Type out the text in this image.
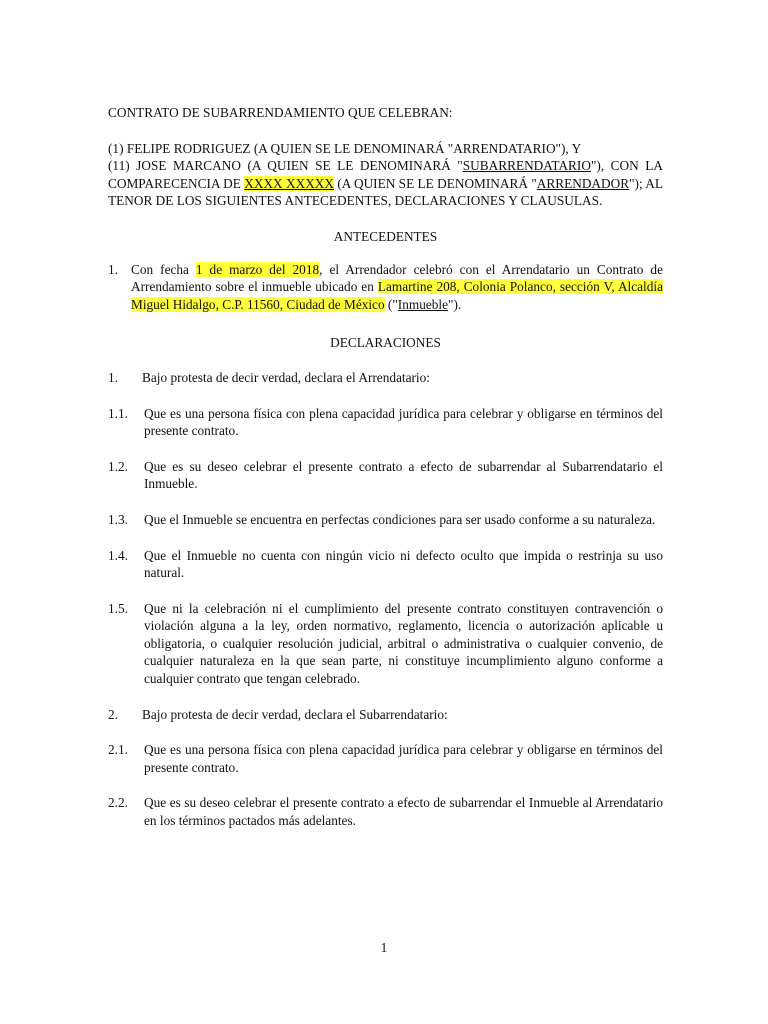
CONTRATO DE SUBARRENDAMIENTO QUE CELEBRAN:

(1) FELIPE RODRIGUEZ (A QUIEN SE LE DENOMINARÁ "ARRENDATARIO"), Y

(11) JOSE MARCANO (A QUIEN SE LE DENOMINARÁ "SUBARRENDATARIO"), CON LA COMPARECENCIA DE XXXX XXXXX (A QUIEN SE LE DENOMINARÁ "ARRENDADOR"); AL TENOR DE LOS SIGUIENTES ANTECEDENTES, DECLARACIONES Y CLAUSULAS.

ANTECEDENTES

1. Con fecha 1 de marzo del 2018, el Arrendador celebró con el Arrendatario un Contrato de Arrendamiento sobre el inmueble ubicado en Lamartine 208, Colonia Polanco, sección V, Alcaldía Miguel Hidalgo, C.P. 11560, Ciudad de México ("Inmueble").

DECLARACIONES

1.	Bajo protesta de decir verdad, declara el Arrendatario:

1.1.	Que es una persona física con plena capacidad jurídica para celebrar y obligarse en términos del presente contrato.

1.2.	Que es su deseo celebrar el presente contrato a efecto de subarrendar al Subarrendatario el Inmueble.

1.3.	Que el Inmueble se encuentra en perfectas condiciones para ser usado conforme a su naturaleza.

1.4.	Que el Inmueble no cuenta con ningún vicio ni defecto oculto que impida o restrinja su uso natural.

1.5.	Que ni la celebración ni el cumplimiento del presente contrato constituyen contravención o violación alguna a la ley, orden normativo, reglamento, licencia o autorización aplicable u obligatoria, o cualquier resolución judicial, arbitral o administrativa o cualquier convenio, de cualquier naturaleza en la que sean parte, ni constituye incumplimiento alguno conforme a cualquier contrato que tengan celebrado.

2.	Bajo protesta de decir verdad, declara el Subarrendatario:

2.1.	Que es una persona física con plena capacidad jurídica para celebrar y obligarse en términos del presente contrato.

2.2.	Que es su deseo celebrar el presente contrato a efecto de subarrendar el Inmueble al Arrendatario en los términos pactados más adelantes.

1
